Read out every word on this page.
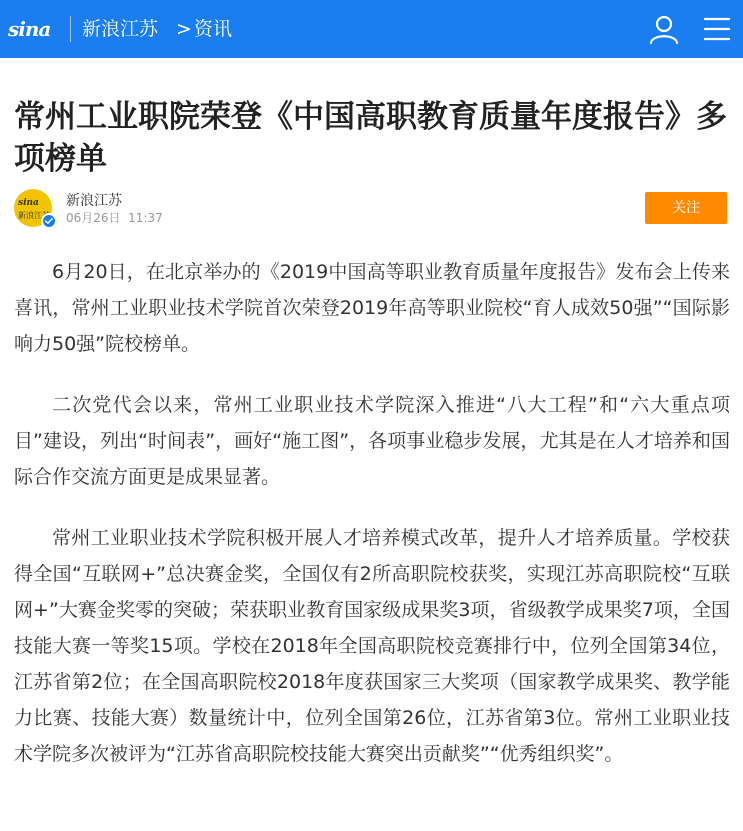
sina 新浪江苏 > 资讯
常州工业职院荣登《中国高职教育质量年度报告》多项榜单
sina
新浪江苏
新浪江苏
06月26日  11:37
关注

6月20日，在北京举办的《2019中国高等职业教育质量年度报告》发布会上传来喜讯，常州工业职业技术学院首次荣登2019年高等职业院校“育人成效50强”“国际影响力50强”院校榜单。

二次党代会以来，常州工业职业技术学院深入推进“八大工程”和“六大重点项目”建设，列出“时间表”，画好“施工图”，各项事业稳步发展，尤其是在人才培养和国际合作交流方面更是成果显著。

常州工业职业技术学院积极开展人才培养模式改革，提升人才培养质量。学校获得全国“互联网+”总决赛金奖，全国仅有2所高职院校获奖，实现江苏高职院校“互联网+”大赛金奖零的突破；荣获职业教育国家级成果奖3项，省级教学成果奖7项，全国技能大赛一等奖15项。学校在2018年全国高职院校竞赛排行中，位列全国第34位，江苏省第2位；在全国高职院校2018年度获国家三大奖项（国家教学成果奖、教学能力比赛、技能大赛）数量统计中，位列全国第26位，江苏省第3位。常州工业职业技术学院多次被评为“江苏省高职院校技能大赛突出贡献奖”“优秀组织奖”。
